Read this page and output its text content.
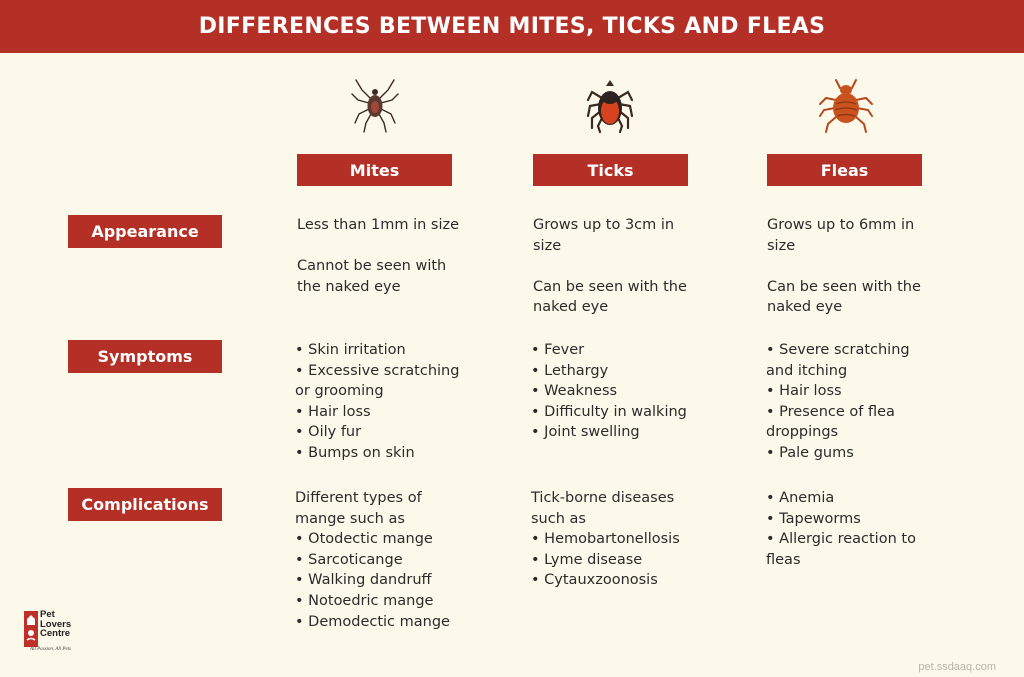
DIFFERENCES BETWEEN MITES, TICKS AND FLEAS
Mites	Ticks	Fleas
Appearance
Symptoms
Complications

Less than 1mm in size

Cannot be seen with
the naked eye

Grows up to 3cm in
size

Can be seen with the
naked eye

Grows up to 6mm in
size

Can be seen with the
naked eye

• Skin irritation
• Excessive scratching
or grooming
• Hair loss
• Oily fur
• Bumps on skin

• Fever
• Lethargy
• Weakness
• Difficulty in walking
• Joint swelling

• Severe scratching
and itching
• Hair loss
• Presence of flea
droppings
• Pale gums

Different types of
mange such as
• Otodectic mange
• Sarcoticange
• Walking dandruff
• Notoedric mange
• Demodectic mange

Tick-borne diseases
such as
• Hemobartonellosis
• Lyme disease
• Cytauxzoonosis

• Anemia
• Tapeworms
• Allergic reaction to
fleas

Pet
Lovers
Centre
All Passion, All Pets
pet.ssdaaq.com
